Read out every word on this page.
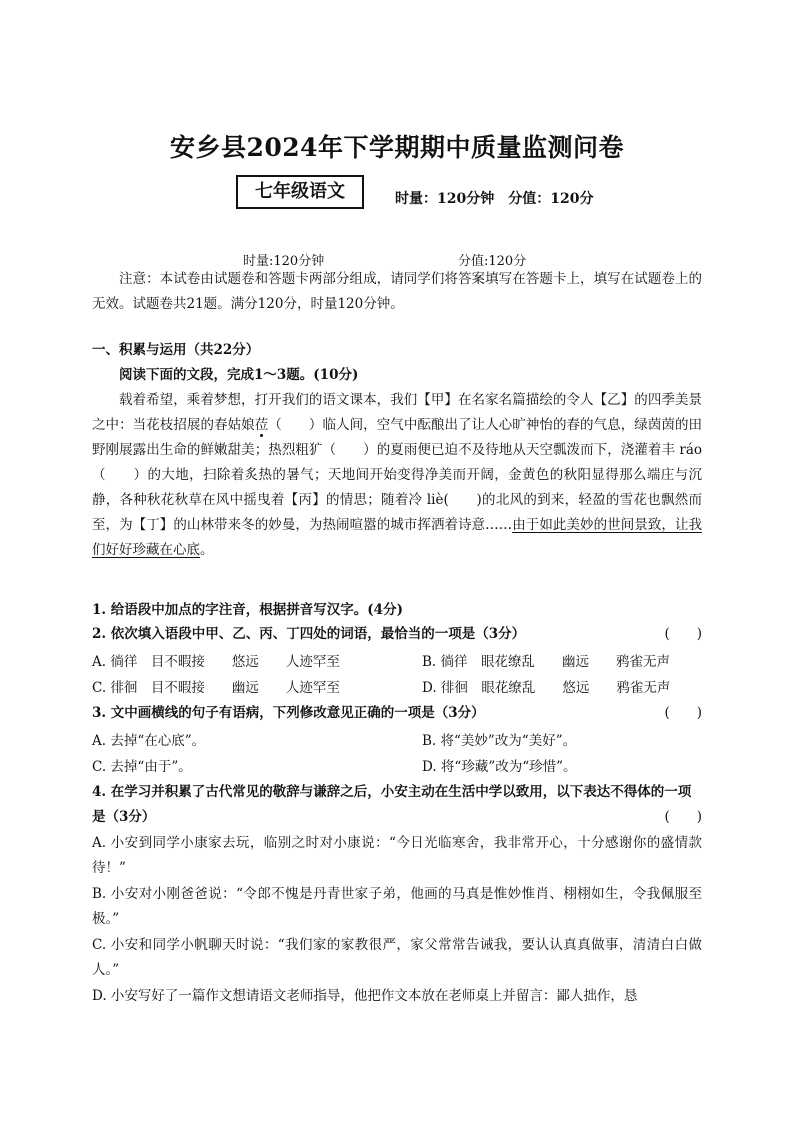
安乡县2024年下学期期中质量监测问卷
七年级语文	时量：120分钟 分值：120分
时量:120分钟	分值:120分
注意：本试卷由试题卷和答题卡两部分组成，请同学们将答案填写在答题卡上，填写在试题卷上的无效。试题卷共21题。满分120分，时量120分钟。
一、积累与运用（共22分）
阅读下面的文段，完成1～3题。(10分)
载着希望，乘着梦想，打开我们的语文课本，我们【甲】在名家名篇描绘的令人【乙】的四季美景之中：当花枝招展的春姑娘莅（　　）临人间，空气中酝酿出了让人心旷神怡的春的气息，绿茵茵的田野刚展露出生命的鲜嫩甜美；热烈粗犷（　　）的夏雨便已迫不及待地从天空瓢泼而下，浇灌着丰 ráo（　　）的大地，扫除着炙热的暑气；天地间开始变得净美而开阔，金黄色的秋阳显得那么端庄与沉静，各种秋花秋草在风中摇曳着【丙】的情思；随着冷 liè(　　)的北风的到来，轻盈的雪花也飘然而至，为【丁】的山林带来冬的妙曼，为热闹喧嚣的城市挥洒着诗意……由于如此美妙的世间景致，让我们好好珍藏在心底。
1. 给语段中加点的字注音，根据拼音写汉字。(4分)
2. 依次填入语段中甲、乙、丙、丁四处的词语，最恰当的一项是（3分）	(　　)
A. 徜徉　目不暇接　　悠远　　人迹罕至	B. 徜徉　眼花缭乱　　幽远　　鸦雀无声
C. 徘徊　目不暇接　　幽远　　人迹罕至	D. 徘徊　眼花缭乱　　悠远　　鸦雀无声
3. 文中画横线的句子有语病，下列修改意见正确的一项是（3分）	(　　)
A. 去掉“在心底”。	B. 将“美妙”改为“美好”。
C. 去掉“由于”。	D. 将“珍藏”改为“珍惜”。
4. 在学习并积累了古代常见的敬辞与谦辞之后，小安主动在生活中学以致用，以下表达不得体的一项是（3分）	(　　)
A. 小安到同学小康家去玩，临别之时对小康说：“今日光临寒舍，我非常开心，十分感谢你的盛情款待！”
B. 小安对小刚爸爸说：“令郎不愧是丹青世家子弟，他画的马真是惟妙惟肖、栩栩如生，令我佩服至极。”
C. 小安和同学小帆聊天时说：“我们家的家教很严，家父常常告诫我，要认认真真做事，清清白白做人。”
D. 小安写好了一篇作文想请语文老师指导，他把作文本放在老师桌上并留言：鄙人拙作，恳
